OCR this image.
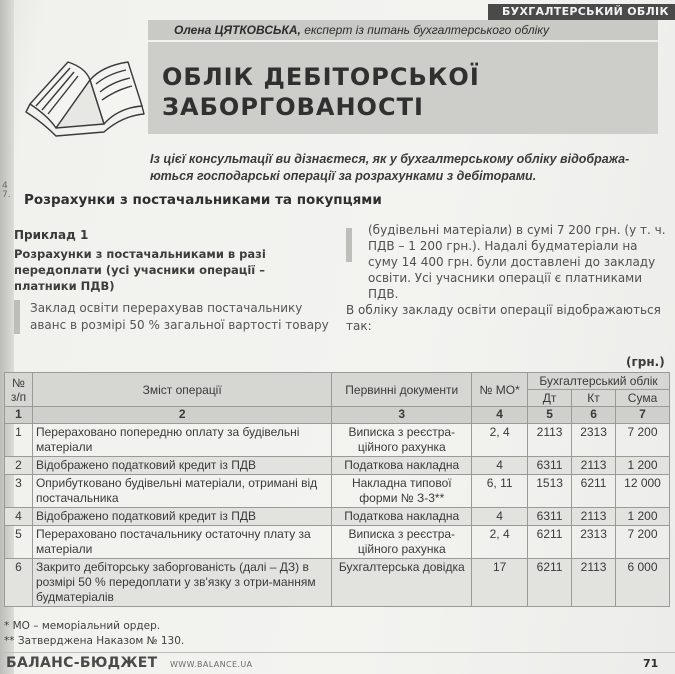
БУХГАЛТЕРСЬКИЙ ОБЛІК
Олена ЦЯТКОВСЬКА, експерт із питань бухгалтерського обліку
ОБЛІК ДЕБІТОРСЬКОЇ
ЗАБОРГОВАНОСТІ
Із цієї консультації ви дізнаєтеся, як у бухгалтерському обліку відобража-ються господарські операції за розрахунками з дебіторами.
4
7. Розрахунки з постачальниками та покупцями
Приклад 1
Розрахунки з постачальниками в разі передоплати (усі учасники операції – платники ПДВ)
Заклад освіти перерахував постачальнику аванс в розмірі 50 % загальної вартості товару
(будівельні матеріали) в сумі 7 200 грн. (у т. ч. ПДВ – 1 200 грн.). Надалі будматеріали на суму 14 400 грн. були доставлені до закладу освіти. Усі учасники операції є платниками ПДВ.
В обліку закладу освіти операції відображаються так:
(грн.)
№ з/п	Зміст операції	Первинні документи	№ МО*	Бухгалтерський облік		
				Дт	Кт	Сума
1	2	3	4	5	6	7
1	Перераховано попередню оплату за будівельні матеріали	Виписка з реєстра-ційного рахунка	2, 4	2113	2313	7 200
2	Відображено податковий кредит із ПДВ	Податкова накладна	4	6311	2113	1 200
3	Оприбутковано будівельні матеріали, отримані від постачальника	Накладна типової форми № З-3**	6, 11	1513	6211	12 000
4	Відображено податковий кредит із ПДВ	Податкова накладна	4	6311	2113	1 200
5	Перераховано постачальнику остаточну плату за матеріали	Виписка з реєстра-ційного рахунка	2, 4	6211	2313	7 200
6	Закрито дебіторську заборгованість (далі – ДЗ) в розмірі 50 % передоплати у зв'язку з отри-манням будматеріалів	Бухгалтерська довідка	17	6211	2113	6 000
* МО – меморіальний ордер.
** Затверджена Наказом № 130.
БАЛАНС-БЮДЖЕТ WWW.BALANCE.UA	71
